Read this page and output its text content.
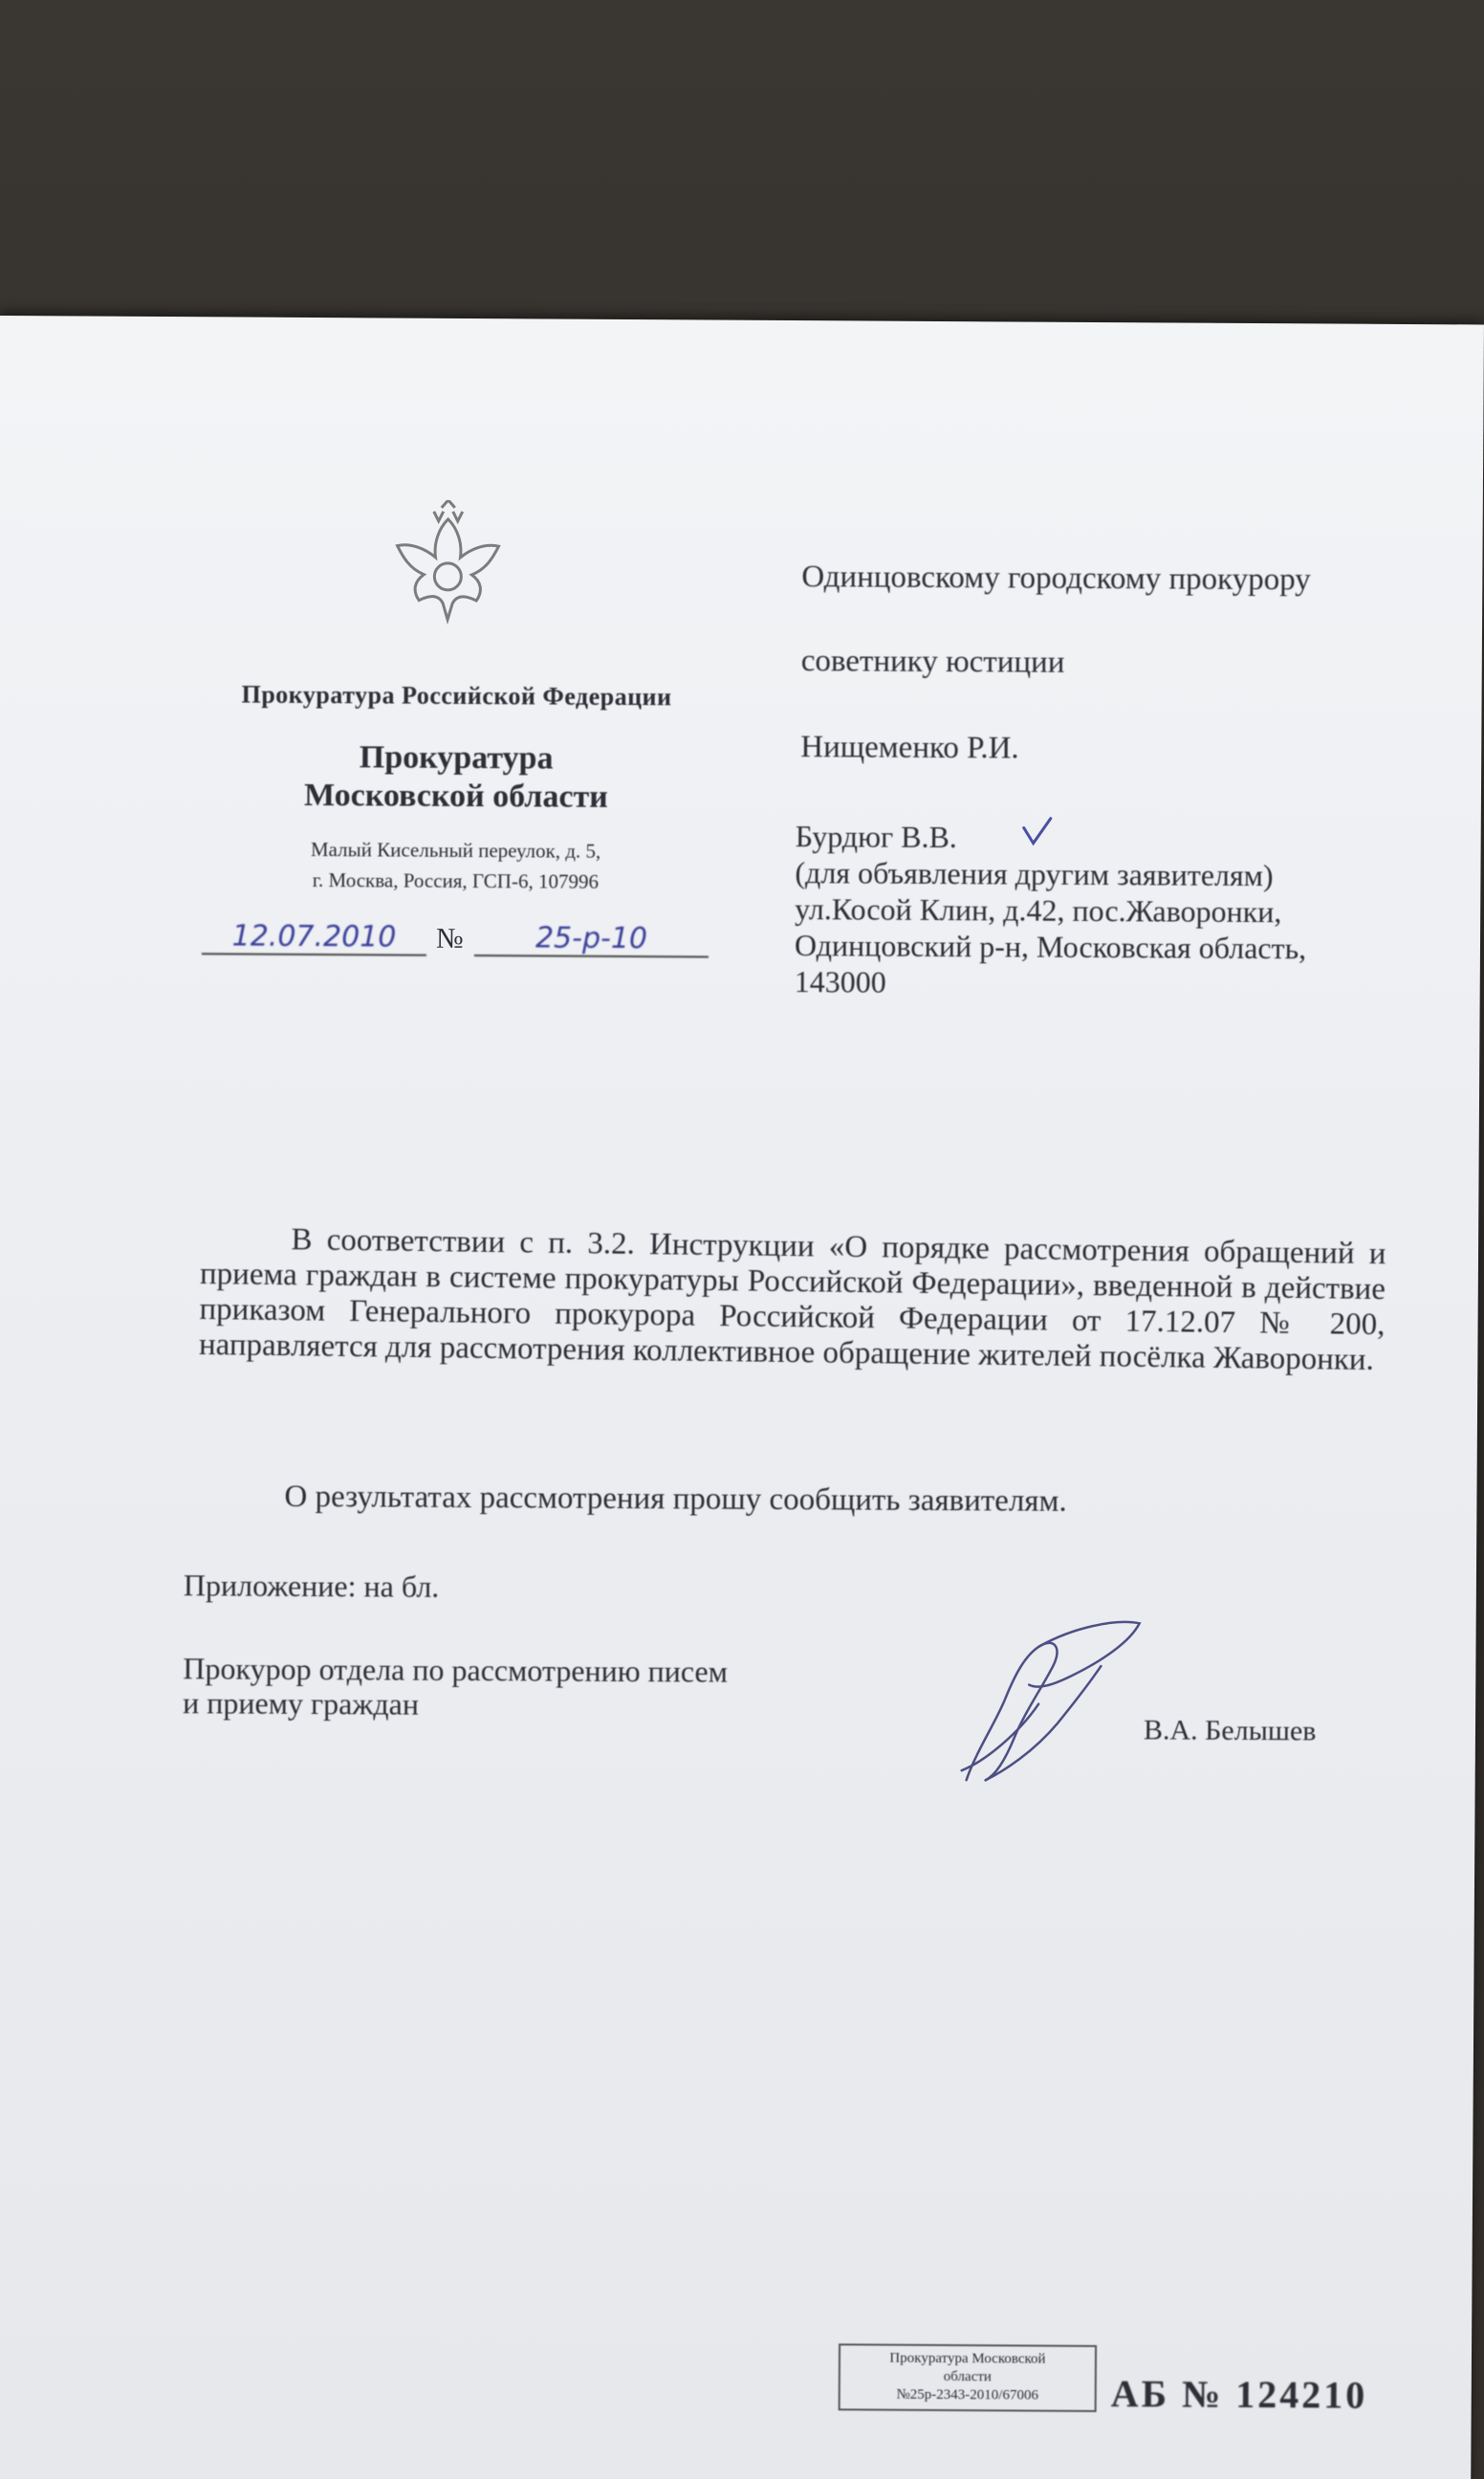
Прокуратура Российской Федерации
Прокуратура
Московской области
Малый Кисельный переулок, д. 5,
г. Москва, Россия, ГСП-6, 107996
12.07.2010	№	25-р-10
Одинцовскому городскому прокурору
советнику юстиции
Нищеменко Р.И.
Бурдюг В.В.
(для объявления другим заявителям)
ул.Косой Клин, д.42, пос.Жаворонки,
Одинцовский р-н, Московская область,
143000
В соответствии с п. 3.2. Инструкции «О порядке рассмотрения обращений и приема граждан в системе прокуратуры Российской Федерации», введенной в действие приказом Генерального прокурора Российской Федерации от 17.12.07 № 200, направляется для рассмотрения коллективное обращение жителей посёлка Жаворонки.
О результатах рассмотрения прошу сообщить заявителям.
Приложение: на бл.
Прокурор отдела по рассмотрению писем
и приему граждан
В.А. Белышев
Прокуратура Московской
области
№25р-2343-2010/67006	АБ № 124210
